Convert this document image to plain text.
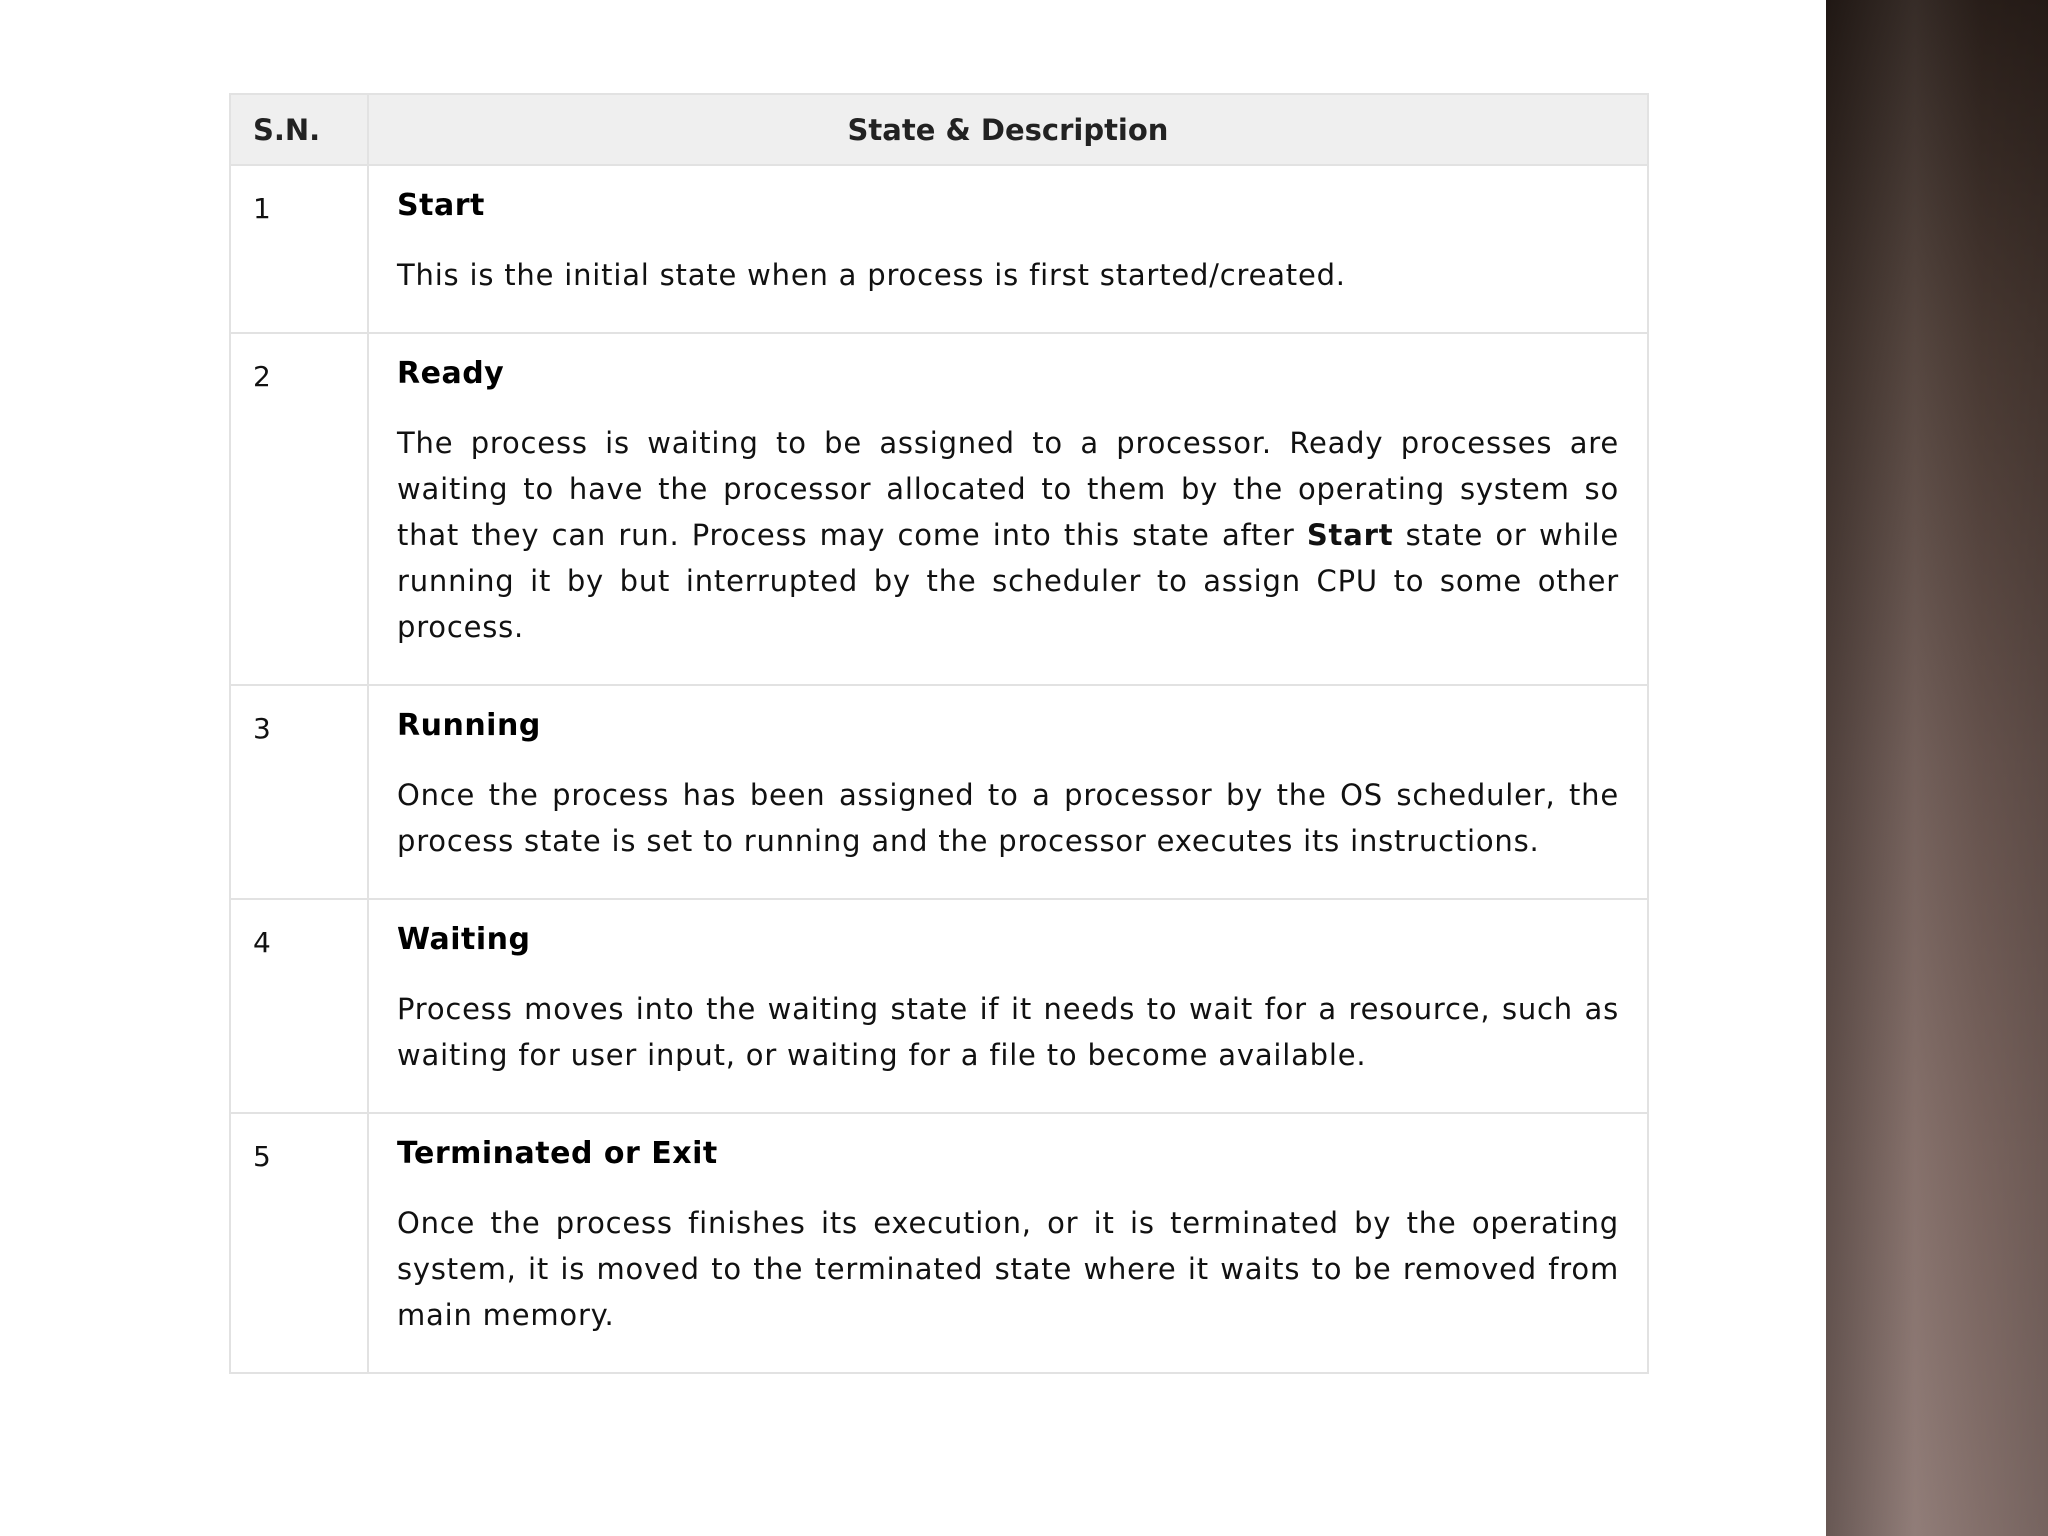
S.N.	State & Description
1	Start

This is the initial state when a process is first started/created.

2	Ready

The process is waiting to be assigned to a processor. Ready processes are waiting to have the processor allocated to them by the operating system so that they can run. Process may come into this state after Start state or while running it by but interrupted by the scheduler to assign CPU to some other process.

3	Running

Once the process has been assigned to a processor by the OS scheduler, the process state is set to running and the processor executes its instructions.

4	Waiting

Process moves into the waiting state if it needs to wait for a resource, such as waiting for user input, or waiting for a file to become available.

5	Terminated or Exit

Once the process finishes its execution, or it is terminated by the operating system, it is moved to the terminated state where it waits to be removed from main memory.
